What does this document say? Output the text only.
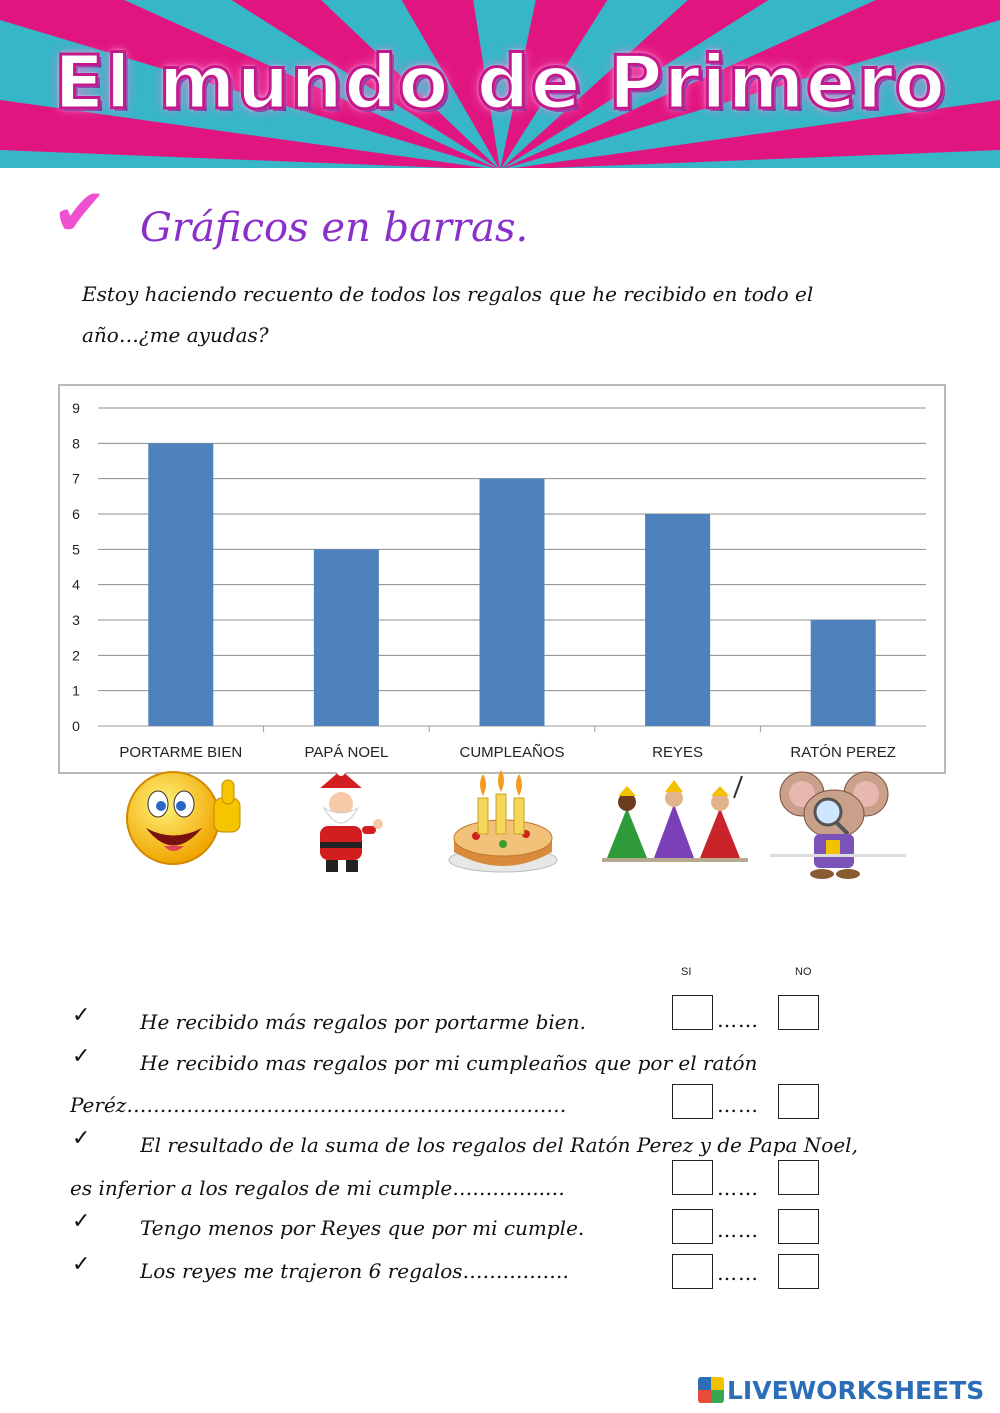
El mundo de Primero
✔ Gráficos en barras.
Estoy haciendo recuento de todos los regalos que he recibido en todo el
año…¿me ayudas?
0
1
2
3
4
5
6
7
8
9
PORTARME BIEN	PAPÁ NOEL	CUMPLEAÑOS	REYES	RATÓN PEREZ
SI	NO
✓ He recibido más regalos por portarme bien.	……
✓ He recibido mas regalos por mi cumpleaños que por el ratón
Peréz…………………………………………………………	……
✓ El resultado de la suma de los regalos del Ratón Perez y de Papa Noel,
es inferior a los regalos de mi cumple…………..…	……
✓ Tengo menos por Reyes que por mi cumple.	……
✓ Los reyes me trajeron 6 regalos…………….	……
LIVEWORKSHEETS
